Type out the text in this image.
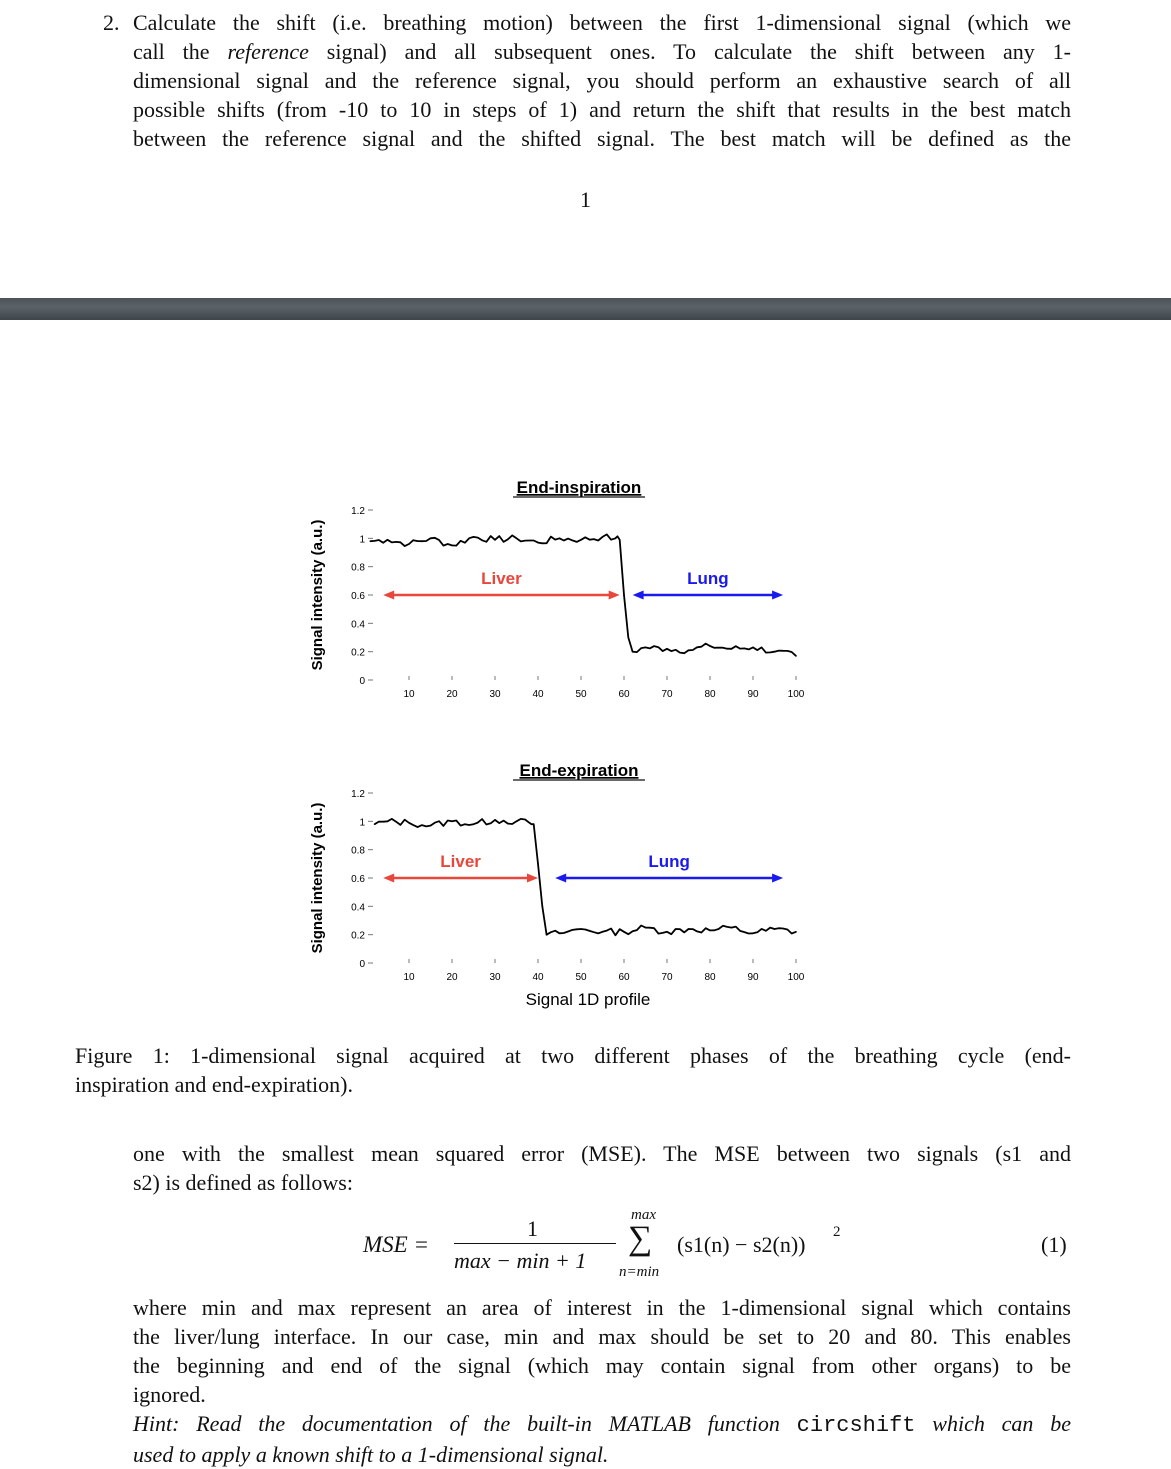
2. Calculate the shift (i.e. breathing motion) between the first 1-dimensional signal (which we
call the reference signal) and all subsequent ones. To calculate the shift between any 1-
dimensional signal and the reference signal, you should perform an exhaustive search of all
possible shifts (from -10 to 10 in steps of 1) and return the shift that results in the best match
between the reference signal and the shifted signal. The best match will be defined as the
1
End-inspiration
Signal intensity (a.u.)
0
0.2
0.4
0.6
0.8
1
1.2
10	20	30	40	50	60	70	80	90	100
Liver	Lung
End-expiration
Signal intensity (a.u.)
0
0.2
0.4
0.6
0.8
1
1.2
10	20	30	40	50	60	70	80	90	100
Liver	Lung
Signal 1D profile
Figure 1: 1-dimensional signal acquired at two different phases of the breathing cycle (end-
inspiration and end-expiration).
one with the smallest mean squared error (MSE). The MSE between two signals (s1 and
s2) is defined as follows:
MSE =
1
max − min + 1
max
∑
n=min
(s1(n) − s2(n)) 2	(1)
where min and max represent an area of interest in the 1-dimensional signal which contains
the liver/lung interface. In our case, min and max should be set to 20 and 80. This enables
the beginning and end of the signal (which may contain signal from other organs) to be
ignored.
Hint: Read the documentation of the built-in MATLAB function circshift which can be
used to apply a known shift to a 1-dimensional signal.
